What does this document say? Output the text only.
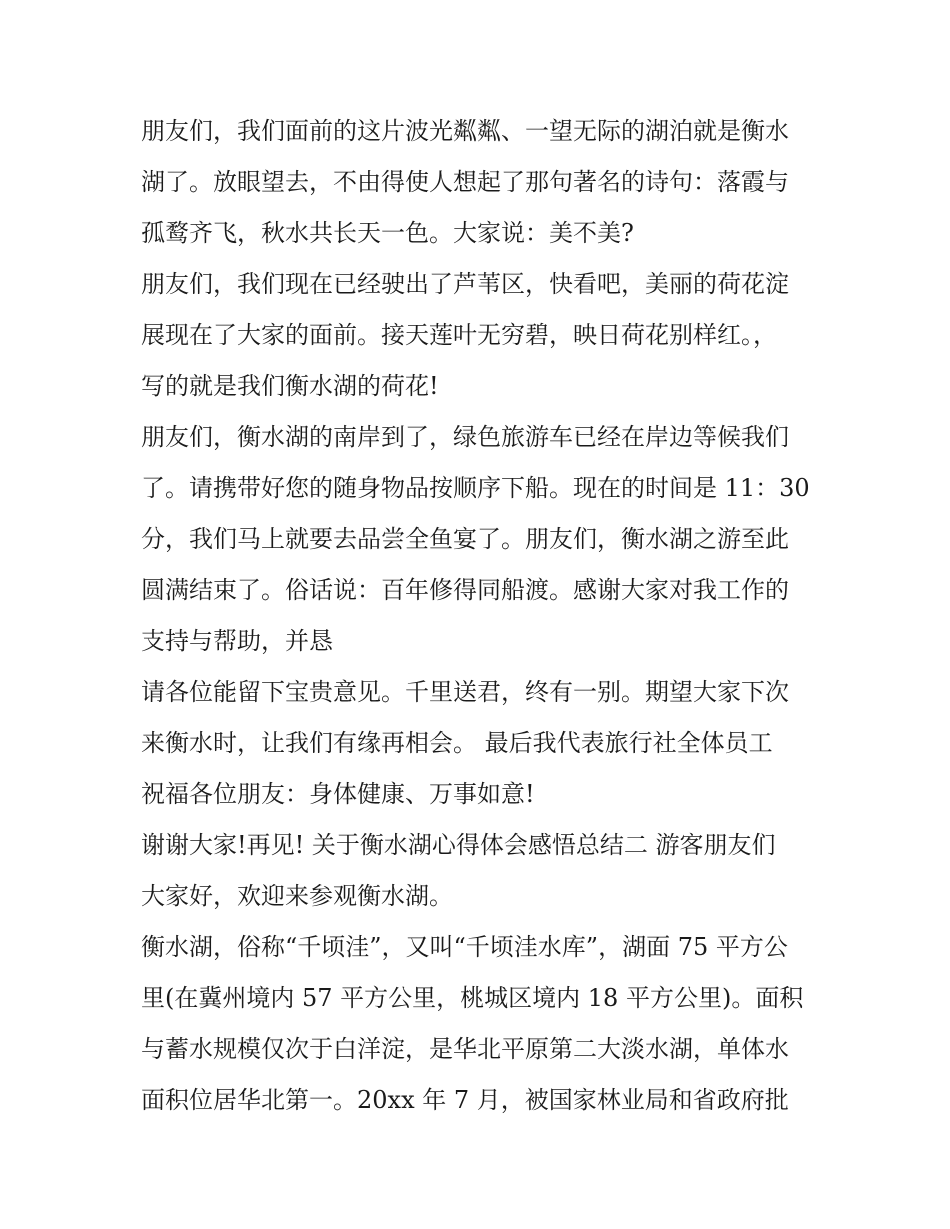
朋友们，我们面前的这片波光粼粼、一望无际的湖泊就是衡水
湖了。放眼望去，不由得使人想起了那句著名的诗句：落霞与
孤鹜齐飞，秋水共长天一色。大家说：美不美?
朋友们，我们现在已经驶出了芦苇区，快看吧，美丽的荷花淀
展现在了大家的面前。接天莲叶无穷碧，映日荷花别样红。，
写的就是我们衡水湖的荷花!
朋友们，衡水湖的南岸到了，绿色旅游车已经在岸边等候我们
了。请携带好您的随身物品按顺序下船。现在的时间是 11：30
分，我们马上就要去品尝全鱼宴了。朋友们，衡水湖之游至此
圆满结束了。俗话说：百年修得同船渡。感谢大家对我工作的
支持与帮助，并恳
请各位能留下宝贵意见。千里送君，终有一别。期望大家下次
来衡水时，让我们有缘再相会。 最后我代表旅行社全体员工
祝福各位朋友：身体健康、万事如意!
谢谢大家!再见! 关于衡水湖心得体会感悟总结二 游客朋友们
大家好，欢迎来参观衡水湖。
衡水湖，俗称“千顷洼”，又叫“千顷洼水库”，湖面 75 平方公
里(在冀州境内 57 平方公里，桃城区境内 18 平方公里)。面积
与蓄水规模仅次于白洋淀，是华北平原第二大淡水湖，单体水
面积位居华北第一。20xx 年 7 月，被国家林业局和省政府批
